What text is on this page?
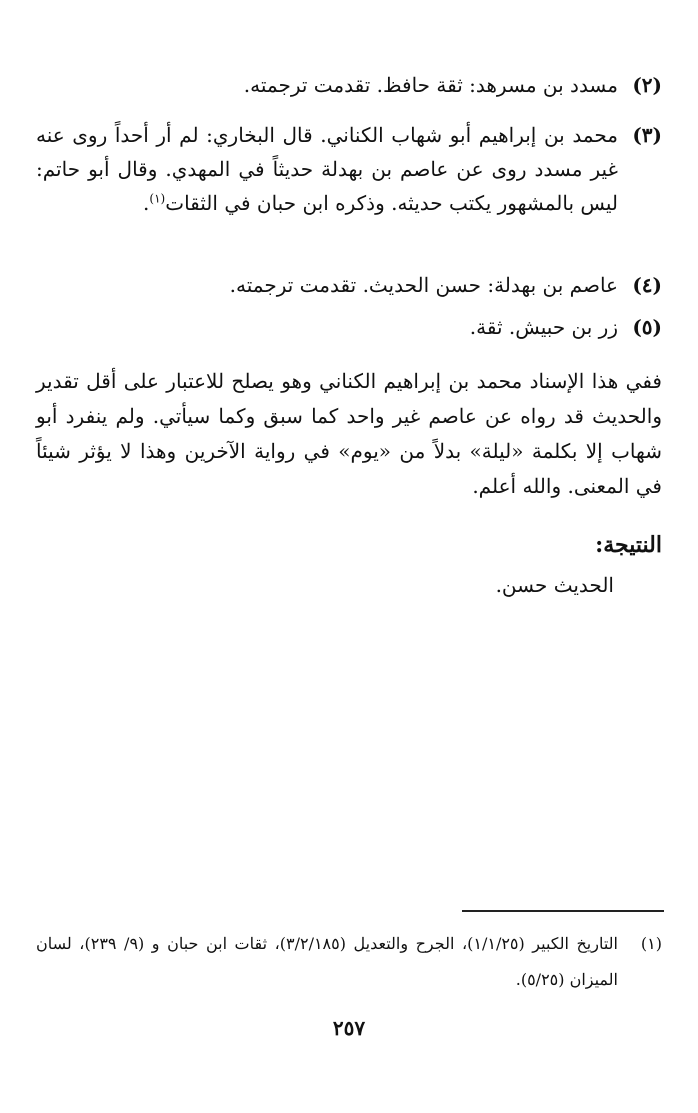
(٢)
مسدد بن مسرهد: ثقة حافظ. تقدمت ترجمته.
(٣)
محمد بن إبراهيم أبو شهاب الكناني. قال البخاري: لم أر أحداً روى عنه غير مسدد روى عن عاصم بن بهدلة حديثاً في المهدي. وقال أبو حاتم: ليس بالمشهور يكتب حديثه. وذكره ابن حبان في الثقات$^{(١)}$.
(٤)
عاصم بن بهدلة: حسن الحديث. تقدمت ترجمته.
(٥)
زر بن حبيش. ثقة.
ففي هذا الإسناد محمد بن إبراهيم الكناني وهو يصلح للاعتبار على أقل تقدير والحديث قد رواه عن عاصم غير واحد كما سبق وكما سيأتي. ولم ينفرد أبو شهاب إلا بكلمة «ليلة» بدلاً من «يوم» في رواية الآخرين وهذا لا يؤثر شيئاً في المعنى. والله أعلم.
النتيجة:
الحديث حسن.
(١)
التاريخ الكبير (١/١/٢٥)، الجرح والتعديل (٣/٢/١٨٥)، ثقات ابن حبان و (٩/ ٢٣٩)، لسان الميزان (٥/٢٥).
٢٥٧
